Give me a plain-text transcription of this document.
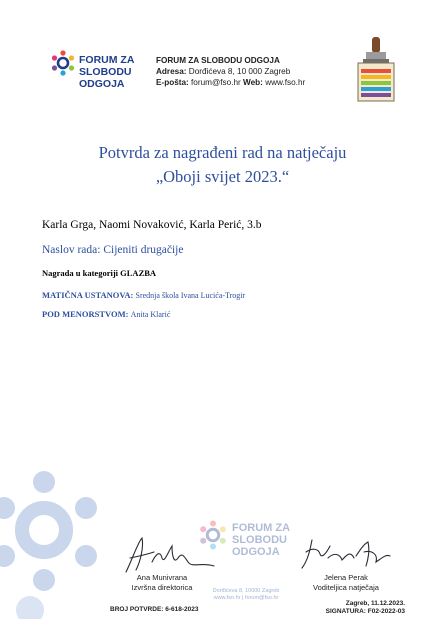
FORUM ZA
SLOBODU
ODGOJA
FORUM ZA SLOBODU ODGOJA
Adresa: Dorđićeva 8, 10 000 Zagreb
E-pošta: forum@fso.hr Web: www.fso.hr
Potvrda za nagrađeni rad na natječaju
„Oboji svijet 2023.“
Karla Grga, Naomi Novaković, Karla Perić, 3.b
Naslov rada: Cijeniti drugačije
Nagrada u kategoriji GLAZBA
MATIČNA USTANOVA: Srednja škola Ivana Lucića-Trogir
POD MENORSTVOM: Anita Klarić
FORUM ZA
SLOBODU
ODGOJA
Ana Munivrana
Izvršna direktorica
Jelena Perak
Voditeljica natječaja
Dorđićeva 8, 10000 Zagreb
www.fso.hr | forum@fso.hr
BROJ POTVRDE: 6-618-2023
Zagreb, 11.12.2023.
SIGNATURA: F02-2022-03
